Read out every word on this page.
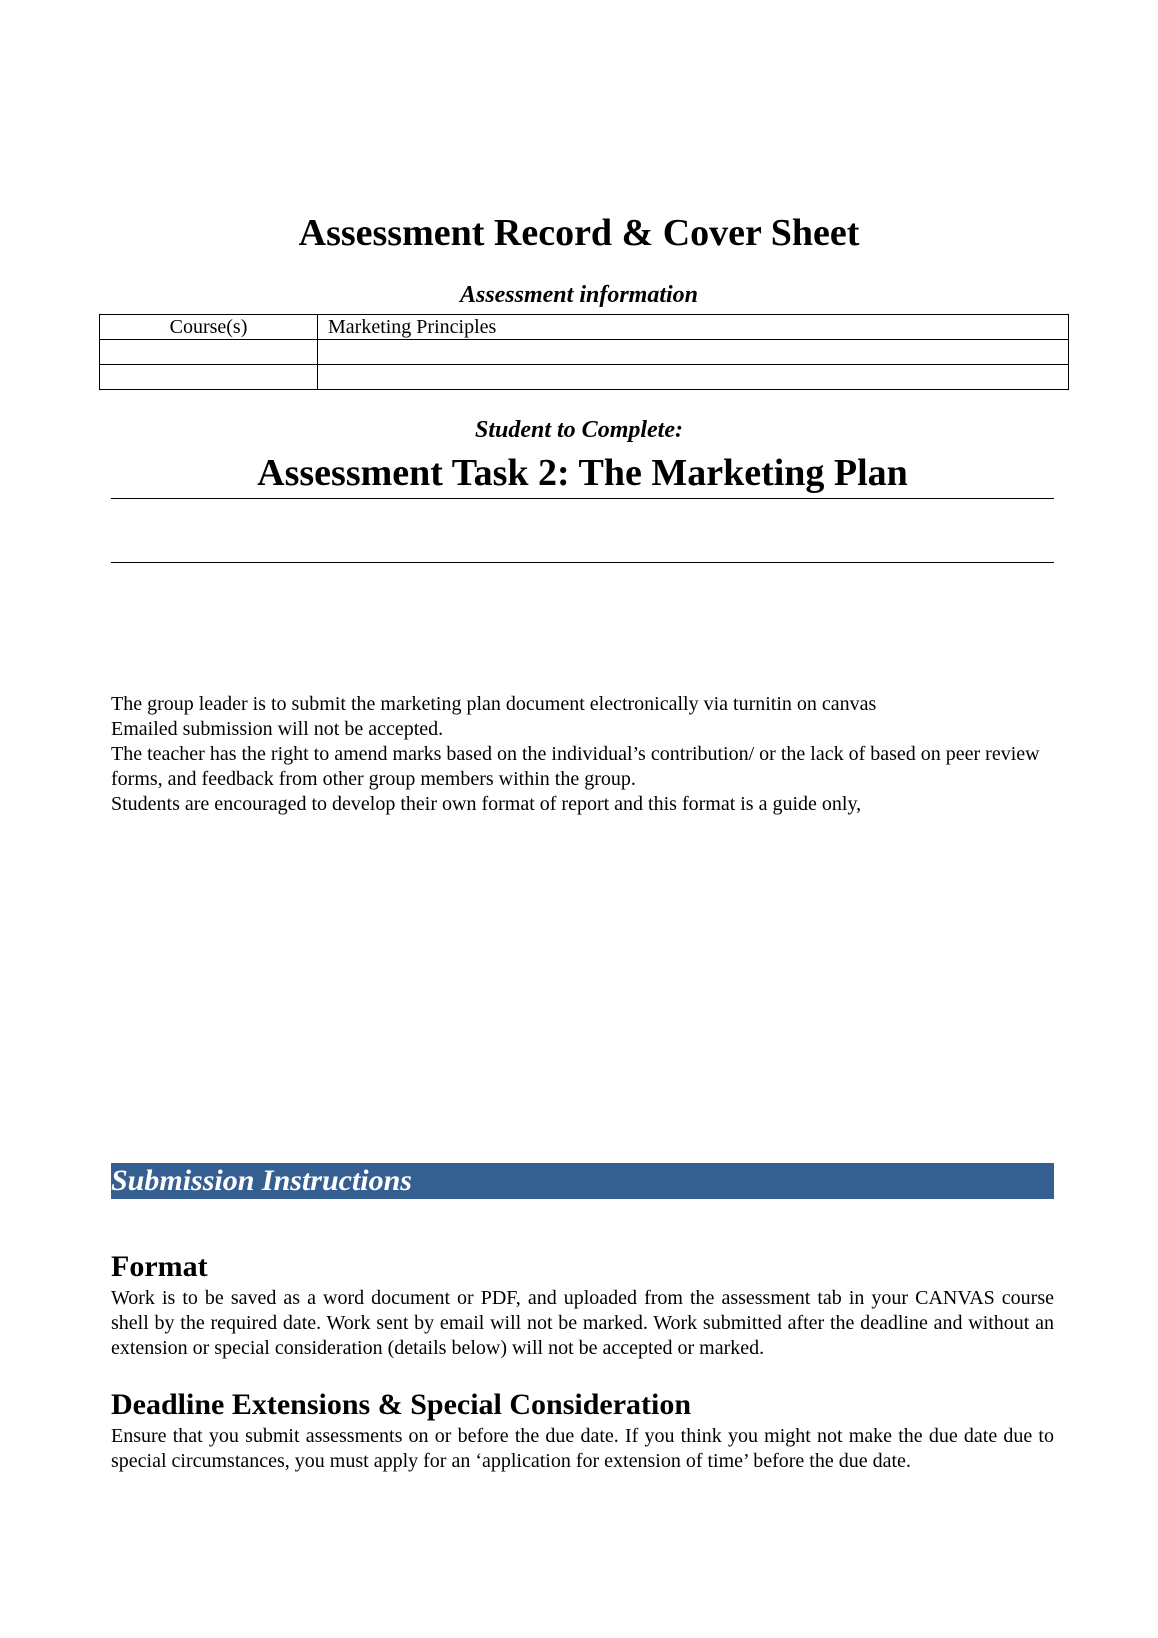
Assessment Record & Cover Sheet
Assessment information
Course(s)	Marketing Principles

Student to Complete:
Assessment Task 2: The Marketing Plan

The group leader is to submit the marketing plan document electronically via turnitin on canvas

Emailed submission will not be accepted.

The teacher has the right to amend marks based on the individual’s contribution/ or the lack of based on peer review forms, and feedback from other group members within the group.

Students are encouraged to develop their own format of report and this format is a guide only,

Submission Instructions
Format

Work is to be saved as a word document or PDF, and uploaded from the assessment tab in your CANVAS course shell by the required date. Work sent by email will not be marked. Work submitted after the deadline and without an extension or special consideration (details below) will not be accepted or marked.

Deadline Extensions & Special Consideration

Ensure that you submit assessments on or before the due date. If you think you might not make the due date due to special circumstances, you must apply for an ‘application for extension of time’ before the due date.
